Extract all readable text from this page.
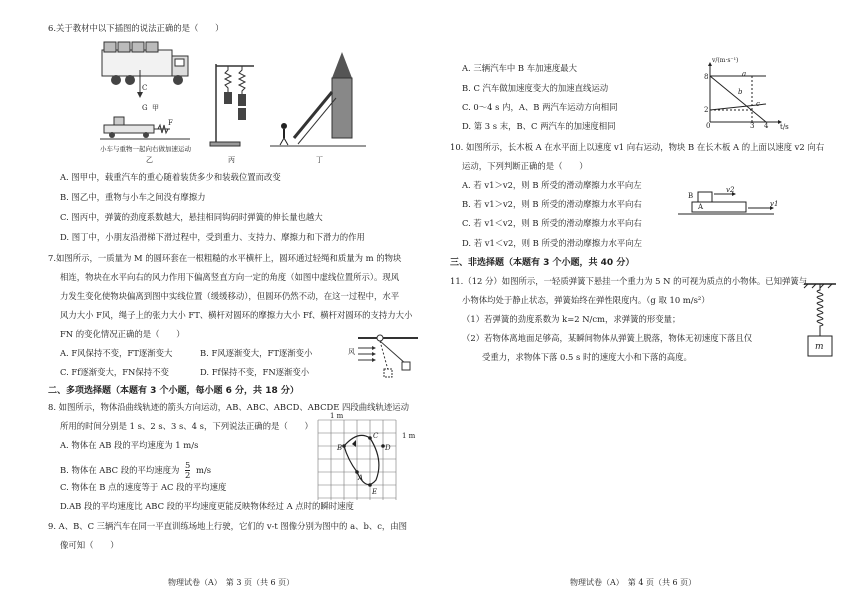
6.关于教材中以下插图的说法正确的是（　　）
C
G 甲
F
小车与重物一起向右做加速运动
乙	丙	丁
A. 图甲中，载重汽车的重心随着装货多少和装载位置而改变
B. 图乙中，重物与小车之间没有摩擦力
C. 图丙中，弹簧的劲度系数越大，悬挂相同钩码时弹簧的伸长量也越大
D. 图丁中，小朋友沿滑梯下滑过程中，受到重力、支持力、摩擦力和下滑力的作用
7.如图所示，一质量为 M 的圆环套在一根粗糙的水平横杆上，圆环通过轻绳和质量为 m 的物块
相连，物块在水平向右的风力作用下偏离竖直方向一定的角度（如图中虚线位置所示）。现风
力发生变化使物块偏离到图中实线位置（缓缓移动），但圆环仍然不动，在这一过程中，水平
风力大小 F风，绳子上的张力大小 FT、横杆对圆环的摩擦力大小 Ff、横杆对圆环的支持力大小
FN 的变化情况正确的是（　　）
A. F风保持不变，FT逐渐变大	B. F风逐渐变大，FT逐渐变小
C. Ff逐渐变大，FN保持不变	D. Ff保持不变，FN逐渐变小
风
二、多项选择题（本题有 3 个小题，每小题 6 分，共 18 分）
8. 如图所示，物体沿曲线轨迹的箭头方向运动，AB、ABC、ABCD、ABCDE 四段曲线轨迹运动
所用的时间分别是 1 s、2 s、3 s、4 s，下列说法正确的是（　　）
A. 物体在 AB 段的平均速度为 1 m/s
B. 物体在 ABC 段的平均速度为 $\frac{5}{2} m/s$
C. 物体在 B 点的速度等于 AC 段的平均速度
D.AB 段的平均速度比 ABC 段的平均速度更能反映物体经过 A 点时的瞬时速度
1 m
1 m
A
B
C
D
E
9. A、B、C 三辆汽车在同一平直训练场地上行驶，它们的 v-t 图像分别为图中的 a、b、c，由图
像可知（　　）
物理试卷（A）　第 3 页（共 6 页）
A. 三辆汽车中 B 车加速度最大
B. C 汽车做加速度变大的加速直线运动
C. 0～4 s 内，A、B 两汽车运动方向相同
D. 第 3 s 末，B、C 两汽车的加速度相同
v/(m·s⁻¹)
t/s
8
2
0	3 4
a
b
c
10. 如图所示，长木板 A 在水平面上以速度 v1 向右运动，物块 B 在长木板 A 的上面以速度 v2 向右
运动，下列判断正确的是（　　）
A. 若 v1＞v2，则 B 所受的滑动摩擦力水平向左
B. 若 v1＞v2，则 B 所受的滑动摩擦力水平向右
C. 若 v1＜v2，则 B 所受的滑动摩擦力水平向右
D. 若 v1＜v2，则 B 所受的滑动摩擦力水平向左
B
A
v2
v1
三、非选择题（本题有 3 个小题，共 40 分）
11.（12 分）如图所示，一轻质弹簧下悬挂一个重力为 5 N 的可视为质点的小物体。已知弹簧与
小物体均处于静止状态，弹簧始终在弹性限度内。（g 取 10 m/s²）
（1）若弹簧的劲度系数为 k=2 N/cm，求弹簧的形变量；
（2）若物体离地面足够高，某瞬间物体从弹簧上脱落，物体无初速度下落且仅
受重力，求物体下落 0.5 s 时的速度大小和下落的高度。
m
物理试卷（A）　第 4 页（共 6 页）
